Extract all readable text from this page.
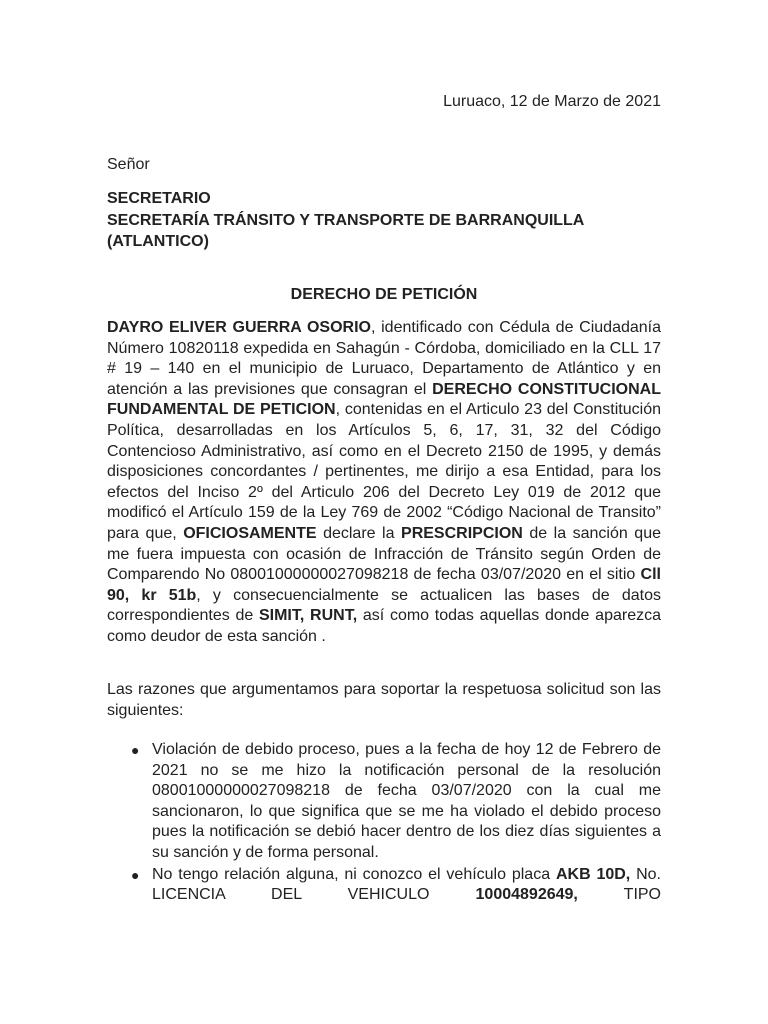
Luruaco, 12 de Marzo de 2021

Señor

SECRETARIO
SECRETARÍA TRÁNSITO Y TRANSPORTE DE BARRANQUILLA
(ATLANTICO)

DERECHO DE PETICIÓN

DAYRO ELIVER GUERRA OSORIO, identificado con Cédula de Ciudadanía Número 10820118 expedida en Sahagún - Córdoba, domiciliado en la CLL 17 # 19 – 140 en el municipio de Luruaco, Departamento de Atlántico y en atención a las previsiones que consagran el DERECHO CONSTITUCIONAL FUNDAMENTAL DE PETICION, contenidas en el Articulo 23 del Constitución Política, desarrolladas en los Artículos 5, 6, 17, 31, 32 del Código Contencioso Administrativo, así como en el Decreto 2150 de 1995, y demás disposiciones concordantes / pertinentes, me dirijo a esa Entidad, para los efectos del Inciso 2º del Articulo 206 del Decreto Ley 019 de 2012 que modificó el Artículo 159 de la Ley 769 de 2002 “Código Nacional de Transito” para que, OFICIOSAMENTE declare la PRESCRIPCION de la sanción que me fuera impuesta con ocasión de Infracción de Tránsito según Orden de Comparendo No 08001000000027098218 de fecha 03/07/2020 en el sitio Cll 90, kr 51b, y consecuencialmente se actualicen las bases de datos correspondientes de SIMIT, RUNT, así como todas aquellas donde aparezca como deudor de esta sanción .

Las razones que argumentamos para soportar la respetuosa solicitud son las siguientes:

● Violación de debido proceso, pues a la fecha de hoy 12 de Febrero de 2021 no se me hizo la notificación personal de la resolución 08001000000027098218 de fecha 03/07/2020 con la cual me sancionaron, lo que significa que se me ha violado el debido proceso pues la notificación se debió hacer dentro de los diez días siguientes a su sanción y de forma personal.
● No tengo relación alguna, ni conozco el vehículo placa AKB 10D, No. LICENCIA DEL VEHICULO 10004892649, TIPO
